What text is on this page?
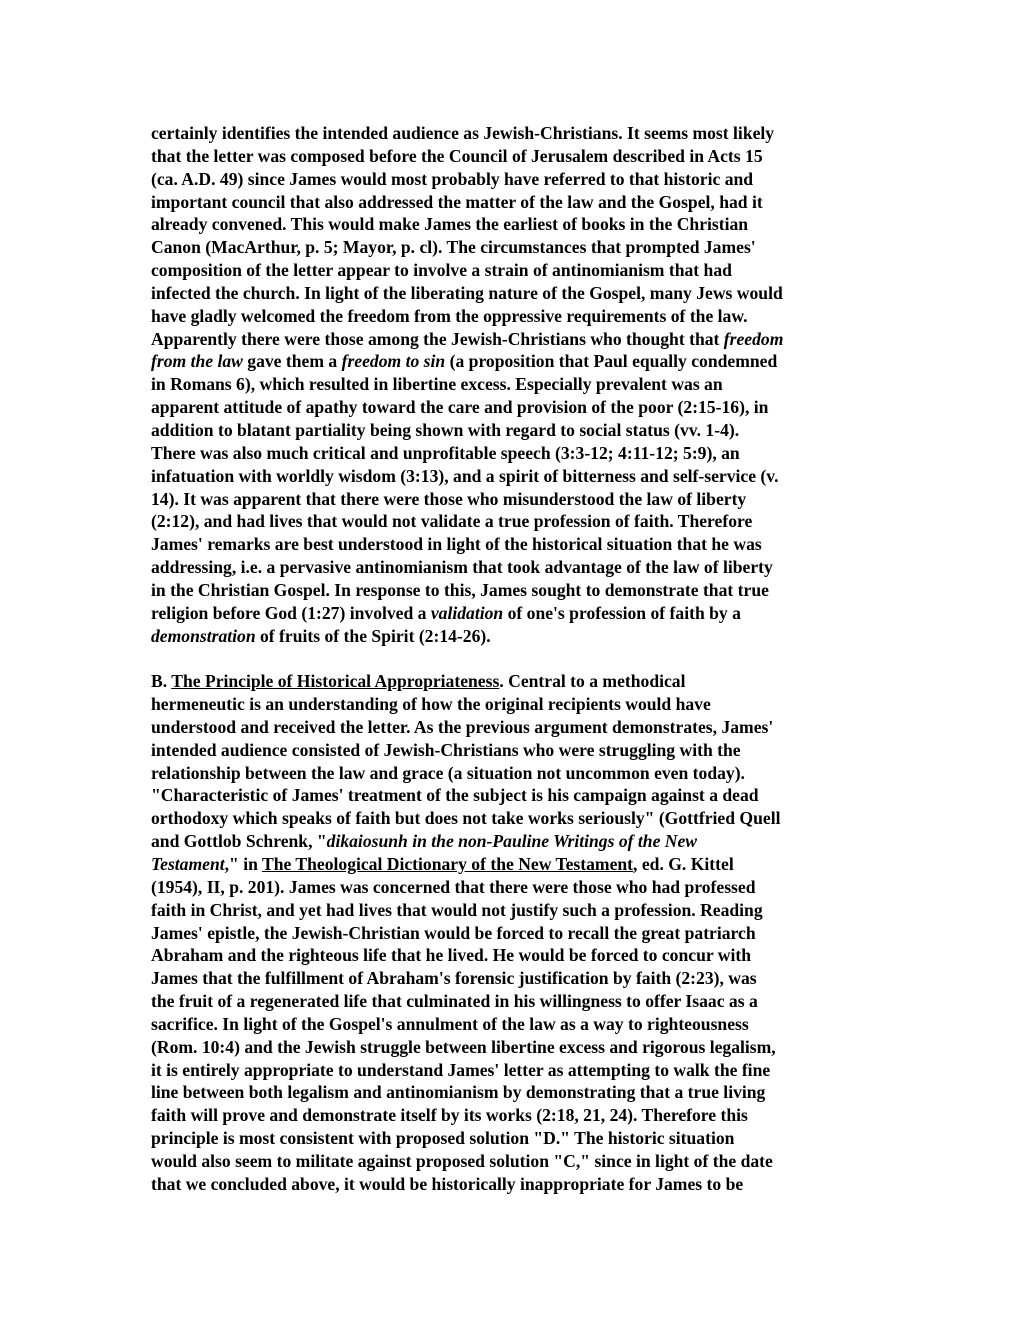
certainly identifies the intended audience as Jewish-Christians. It seems most likely
that the letter was composed before the Council of Jerusalem described in Acts 15
(ca. A.D. 49) since James would most probably have referred to that historic and
important council that also addressed the matter of the law and the Gospel, had it
already convened. This would make James the earliest of books in the Christian
Canon (MacArthur, p. 5; Mayor, p. cl). The circumstances that prompted James'
composition of the letter appear to involve a strain of antinomianism that had
infected the church. In light of the liberating nature of the Gospel, many Jews would
have gladly welcomed the freedom from the oppressive requirements of the law.
Apparently there were those among the Jewish-Christians who thought that freedom
from the law gave them a freedom to sin (a proposition that Paul equally condemned
in Romans 6), which resulted in libertine excess. Especially prevalent was an
apparent attitude of apathy toward the care and provision of the poor (2:15-16), in
addition to blatant partiality being shown with regard to social status (vv. 1-4).
There was also much critical and unprofitable speech (3:3-12; 4:11-12; 5:9), an
infatuation with worldly wisdom (3:13), and a spirit of bitterness and self-service (v.
14). It was apparent that there were those who misunderstood the law of liberty
(2:12), and had lives that would not validate a true profession of faith. Therefore
James' remarks are best understood in light of the historical situation that he was
addressing, i.e. a pervasive antinomianism that took advantage of the law of liberty
in the Christian Gospel. In response to this, James sought to demonstrate that true
religion before God (1:27) involved a validation of one's profession of faith by a
demonstration of fruits of the Spirit (2:14-26).

B. The Principle of Historical Appropriateness. Central to a methodical
hermeneutic is an understanding of how the original recipients would have
understood and received the letter. As the previous argument demonstrates, James'
intended audience consisted of Jewish-Christians who were struggling with the
relationship between the law and grace (a situation not uncommon even today).
"Characteristic of James' treatment of the subject is his campaign against a dead
orthodoxy which speaks of faith but does not take works seriously" (Gottfried Quell
and Gottlob Schrenk, "dikaiosunh in the non-Pauline Writings of the New
Testament," in The Theological Dictionary of the New Testament, ed. G. Kittel
(1954), II, p. 201). James was concerned that there were those who had professed
faith in Christ, and yet had lives that would not justify such a profession. Reading
James' epistle, the Jewish-Christian would be forced to recall the great patriarch
Abraham and the righteous life that he lived. He would be forced to concur with
James that the fulfillment of Abraham's forensic justification by faith (2:23), was
the fruit of a regenerated life that culminated in his willingness to offer Isaac as a
sacrifice. In light of the Gospel's annulment of the law as a way to righteousness
(Rom. 10:4) and the Jewish struggle between libertine excess and rigorous legalism,
it is entirely appropriate to understand James' letter as attempting to walk the fine
line between both legalism and antinomianism by demonstrating that a true living
faith will prove and demonstrate itself by its works (2:18, 21, 24). Therefore this
principle is most consistent with proposed solution "D." The historic situation
would also seem to militate against proposed solution "C," since in light of the date
that we concluded above, it would be historically inappropriate for James to be
